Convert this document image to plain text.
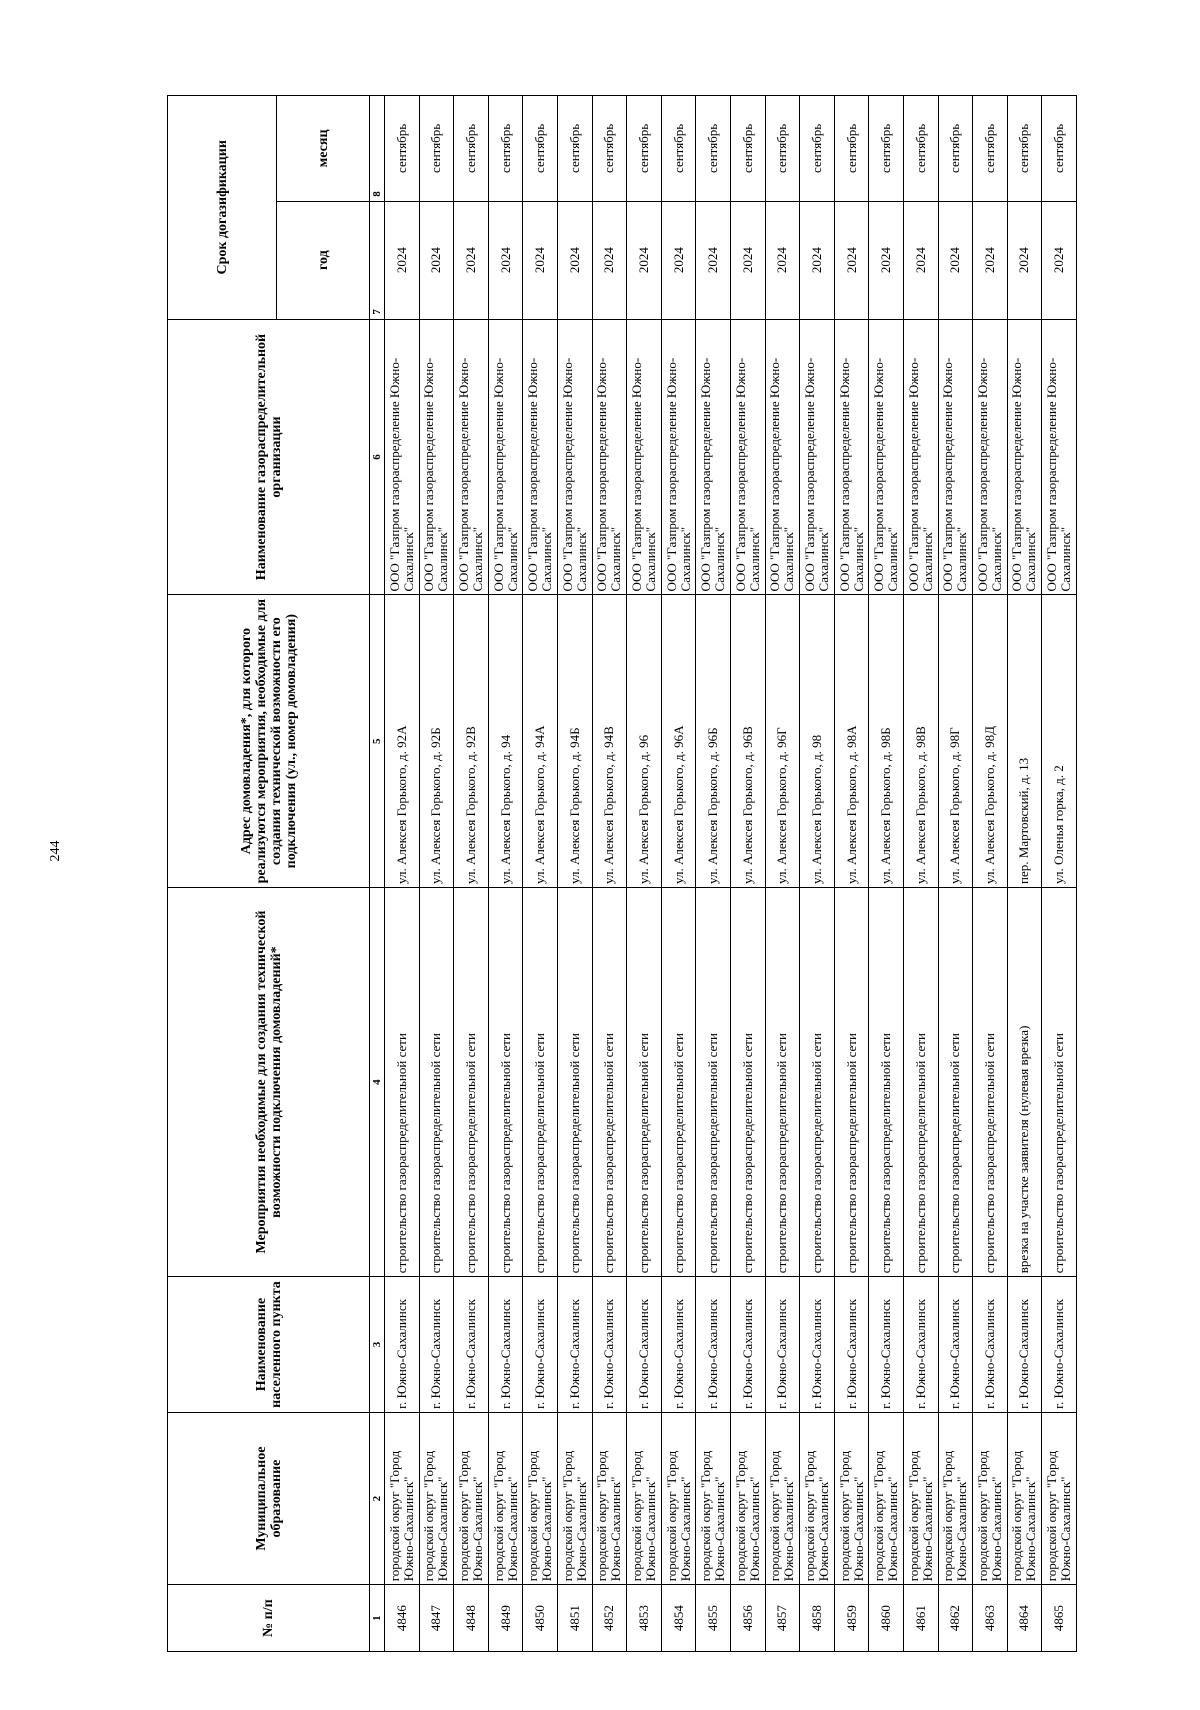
244
№ п/п	Муниципальное образование	Наименование населенного пункта	Мероприятия необходимые для создания технической возможности подключения домовладений*	Адрес домовладения*, для которого реализуются мероприятия, необходимые для создания технической возможности его подключения (ул., номер домовладения)	Наименование газораспределительной организации	Срок догазификации	
						год	месяц
1	2	3	4	5	6	7	8
4846	городской округ "Город Южно-Сахалинск"	г. Южно-Сахалинск	строительство газораспределительной сети	ул. Алексея Горького, д. 92А	ООО "Газпром газораспределение Южно-Сахалинск"	2024	сентябрь
4847	городской округ "Город Южно-Сахалинск"	г. Южно-Сахалинск	строительство газораспределительной сети	ул. Алексея Горького, д. 92Б	ООО "Газпром газораспределение Южно-Сахалинск"	2024	сентябрь
4848	городской округ "Город Южно-Сахалинск"	г. Южно-Сахалинск	строительство газораспределительной сети	ул. Алексея Горького, д. 92В	ООО "Газпром газораспределение Южно-Сахалинск"	2024	сентябрь
4849	городской округ "Город Южно-Сахалинск"	г. Южно-Сахалинск	строительство газораспределительной сети	ул. Алексея Горького, д. 94	ООО "Газпром газораспределение Южно-Сахалинск"	2024	сентябрь
4850	городской округ "Город Южно-Сахалинск"	г. Южно-Сахалинск	строительство газораспределительной сети	ул. Алексея Горького, д. 94А	ООО "Газпром газораспределение Южно-Сахалинск"	2024	сентябрь
4851	городской округ "Город Южно-Сахалинск"	г. Южно-Сахалинск	строительство газораспределительной сети	ул. Алексея Горького, д. 94Б	ООО "Газпром газораспределение Южно-Сахалинск"	2024	сентябрь
4852	городской округ "Город Южно-Сахалинск"	г. Южно-Сахалинск	строительство газораспределительной сети	ул. Алексея Горького, д. 94В	ООО "Газпром газораспределение Южно-Сахалинск"	2024	сентябрь
4853	городской округ "Город Южно-Сахалинск"	г. Южно-Сахалинск	строительство газораспределительной сети	ул. Алексея Горького, д. 96	ООО "Газпром газораспределение Южно-Сахалинск"	2024	сентябрь
4854	городской округ "Город Южно-Сахалинск"	г. Южно-Сахалинск	строительство газораспределительной сети	ул. Алексея Горького, д. 96А	ООО "Газпром газораспределение Южно-Сахалинск"	2024	сентябрь
4855	городской округ "Город Южно-Сахалинск"	г. Южно-Сахалинск	строительство газораспределительной сети	ул. Алексея Горького, д. 96Б	ООО "Газпром газораспределение Южно-Сахалинск"	2024	сентябрь
4856	городской округ "Город Южно-Сахалинск"	г. Южно-Сахалинск	строительство газораспределительной сети	ул. Алексея Горького, д. 96В	ООО "Газпром газораспределение Южно-Сахалинск"	2024	сентябрь
4857	городской округ "Город Южно-Сахалинск"	г. Южно-Сахалинск	строительство газораспределительной сети	ул. Алексея Горького, д. 96Г	ООО "Газпром газораспределение Южно-Сахалинск"	2024	сентябрь
4858	городской округ "Город Южно-Сахалинск"	г. Южно-Сахалинск	строительство газораспределительной сети	ул. Алексея Горького, д. 98	ООО "Газпром газораспределение Южно-Сахалинск"	2024	сентябрь
4859	городской округ "Город Южно-Сахалинск"	г. Южно-Сахалинск	строительство газораспределительной сети	ул. Алексея Горького, д. 98А	ООО "Газпром газораспределение Южно-Сахалинск"	2024	сентябрь
4860	городской округ "Город Южно-Сахалинск"	г. Южно-Сахалинск	строительство газораспределительной сети	ул. Алексея Горького, д. 98Б	ООО "Газпром газораспределение Южно-Сахалинск"	2024	сентябрь
4861	городской округ "Город Южно-Сахалинск"	г. Южно-Сахалинск	строительство газораспределительной сети	ул. Алексея Горького, д. 98В	ООО "Газпром газораспределение Южно-Сахалинск"	2024	сентябрь
4862	городской округ "Город Южно-Сахалинск"	г. Южно-Сахалинск	строительство газораспределительной сети	ул. Алексея Горького, д. 98Г	ООО "Газпром газораспределение Южно-Сахалинск"	2024	сентябрь
4863	городской округ "Город Южно-Сахалинск"	г. Южно-Сахалинск	строительство газораспределительной сети	ул. Алексея Горького, д. 98Д	ООО "Газпром газораспределение Южно-Сахалинск"	2024	сентябрь
4864	городской округ "Город Южно-Сахалинск"	г. Южно-Сахалинск	врезка на участке заявителя (нулевая врезка)	пер. Мартовский, д. 13	ООО "Газпром газораспределение Южно-Сахалинск"	2024	сентябрь
4865	городской округ "Город Южно-Сахалинск"	г. Южно-Сахалинск	строительство газораспределительной сети	ул. Оленья горка, д. 2	ООО "Газпром газораспределение Южно-Сахалинск"	2024	сентябрь
